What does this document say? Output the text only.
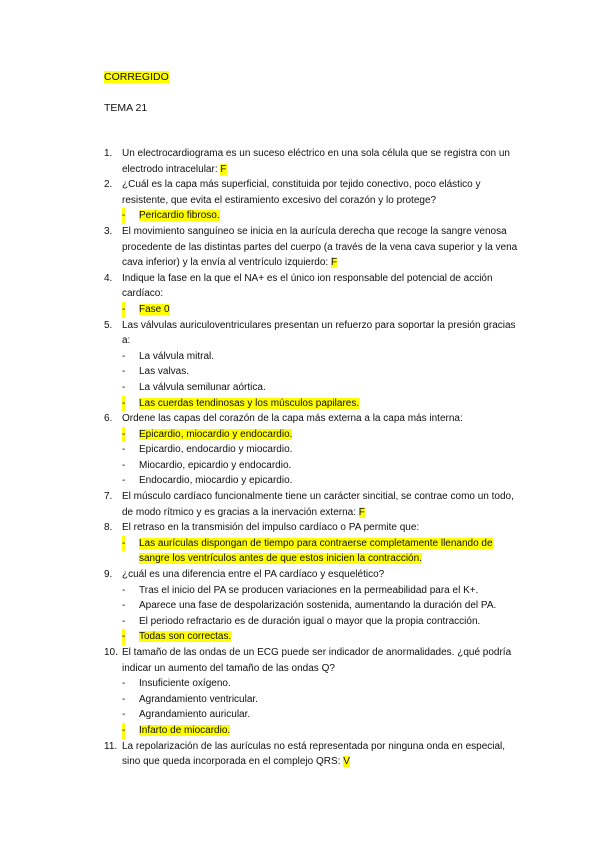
CORREGIDO
TEMA 21
1. Un electrocardiograma es un suceso eléctrico en una sola célula que se registra con un electrodo intracelular: F
2. ¿Cuál es la capa más superficial, constituida por tejido conectivo, poco elástico y resistente, que evita el estiramiento excesivo del corazón y lo protege?
- Pericardio fibroso.
3. El movimiento sanguíneo se inicia en la aurícula derecha que recoge la sangre venosa procedente de las distintas partes del cuerpo (a través de la vena cava superior y la vena cava inferior) y la envía al ventrículo izquierdo: F
4. Indique la fase en la que el NA+ es el único ion responsable del potencial de acción cardíaco:
- Fase 0
5. Las válvulas auriculoventriculares presentan un refuerzo para soportar la presión gracias a:
- La válvula mitral.
- Las valvas.
- La válvula semilunar aórtica.
- Las cuerdas tendinosas y los músculos papilares.
6. Ordene las capas del corazón de la capa más externa a la capa más interna:
- Epicardio, miocardio y endocardio.
- Epicardio, endocardio y miocardio.
- Miocardio, epicardio y endocardio.
- Endocardio, miocardio y epicardio.
7. El músculo cardíaco funcionalmente tiene un carácter sincitial, se contrae como un todo, de modo rítmico y es gracias a la inervación externa: F
8. El retraso en la transmisión del impulso cardíaco o PA permite que:
- Las aurículas dispongan de tiempo para contraerse completamente llenando de sangre los ventrículos antes de que estos inicien la contracción.
9. ¿cuál es una diferencia entre el PA cardíaco y esquelético?
- Tras el inicio del PA se producen variaciones en la permeabilidad para el K+.
- Aparece una fase de despolarización sostenida, aumentando la duración del PA.
- El periodo refractario es de duración igual o mayor que la propia contracción.
- Todas son correctas.
10. El tamaño de las ondas de un ECG puede ser indicador de anormalidades. ¿qué podría indicar un aumento del tamaño de las ondas Q?
- Insuficiente oxígeno.
- Agrandamiento ventricular.
- Agrandamiento auricular.
- Infarto de miocardio.
11. La repolarización de las aurículas no está representada por ninguna onda en especial, sino que queda incorporada en el complejo QRS: V
